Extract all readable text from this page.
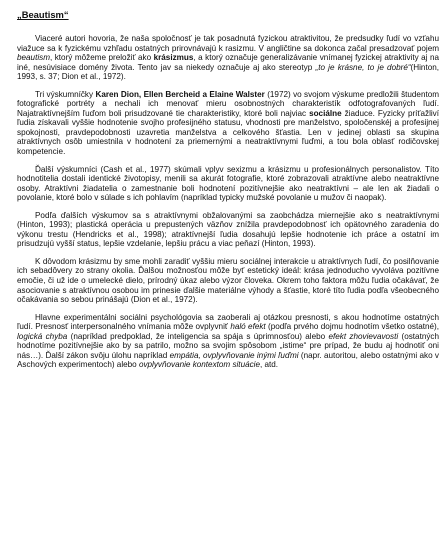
„Beautism“

Viaceré autori hovoria, že naša spoločnosť je tak posadnutá fyzickou atraktivitou, že predsudky ľudí vo vzťahu viažuce sa k fyzickému vzhľadu ostatných prirovnávajú k rasizmu. V angličtine sa dokonca začal presadzovať pojem beautism, ktorý môžeme preložiť ako krásizmus, a ktorý označuje generalizávanie vnímanej fyzickej atraktivity aj na iné, nesúvisiace domény života. Tento jav sa niekedy označuje aj ako stereotyp „to je krásne, to je dobré“(Hinton, 1993, s. 37; Dion et al., 1972).

Tri výskumníčky Karen Dion, Ellen Bercheid a Elaine Walster (1972) vo svojom výskume predložili študentom fotografické portréty a nechali ich menovať mieru osobnostných charakteristík odfotografovaných ľudí. Najatraktívnejším ľuďom boli prisudzované tie charakteristiky, ktoré boli najviac sociálne žiaduce. Fyzicky príťažliví ľudia získavali vyššie hodnotenie svojho profesijného statusu, vhodnosti pre manželstvo, spoločenskéj a profesijnej spokojnosti, pravdepodobnosti uzavretia manželstva a celkového šťastia. Len v jedinej oblasti sa skupina atraktívnych osôb umiestnila v hodnotení za priemernými a neatraktívnymi ľuďmi, a tou bola oblasť rodičovskej kompetencie.

Ďalší výskumníci (Cash et al., 1977) skúmali vplyv sexizmu a krásizmu u profesionálnych personalistov. Títo hodnotitelia dostali identické životopisy, menili sa akurát fotografie, ktoré zobrazovali atraktívne alebo neatraktívne osoby. Atraktívni žiadatelia o zamestnanie boli hodnotení pozitívnejšie ako neatraktívni – ale len ak žiadali o povolanie, ktoré bolo v súlade s ich pohlavím (napríklad typicky mužské povolanie u mužov či naopak).

Podľa ďalších výskumov sa s atraktívnymi obžalovanými sa zaobchádza miernejšie ako s neatraktívnymi (Hinton, 1993); plastická operácia u prepustených väzňov znížila pravdepodobnosť ich opätovného zaradenia do výkonu trestu (Hendricks et al., 1998); atraktívnejší ľudia dosahujú lepšie hodnotenie ich práce a ostatní im prisudzujú vyšší status, lepšie vzdelanie, lepšiu prácu a viac peňazí (Hinton, 1993).

K dôvodom krásizmu by sme mohli zaradiť vyššiu mieru sociálnej interakcie u atraktívnych ľudí, čo posilňovanie ich sebadôvery zo strany okolia. Ďalšou možnosťou môže byť estetický ideál: krása jednoducho vyvoláva pozitívne emočie, či už ide o umelecké dielo, prírodný úkaz alebo výzor človeka. Okrem toho faktora môžu ľudia očakávať, že asociovanie s atraktívnou osobou im prinesie ďalšie materiálne výhody a šťastie, ktoré títo ľudia podľa všeobecného očakávania so sebou prinášajú (Dion et al., 1972).

Hlavne experimentálni sociálni psychológovia sa zaoberali aj otázkou presnosti, s akou hodnotíme ostatných ľudí. Presnosť interpersonalného vnímania môže ovplyvniť haló efekt (podľa prvého dojmu hodnotím všetko ostatné), logická chyba (napríklad predpoklad, že inteligencia sa spája s úprimnosťou) alebo efekt zhovievavosti (ostatných hodnotíme pozitívnejšie ako by sa patrilo, možno sa svojim spôsobom „istime“ pre prípad, že budu aj hodnotiť oni nás…). Ďalší zákon svôju úlohu napríklad empátia, ovplyvňovanie inými ľuďmi (napr. autoritou, alebo ostatnými ako v Aschových experimentoch) alebo ovplyvňovanie kontextom situácie, atd.
